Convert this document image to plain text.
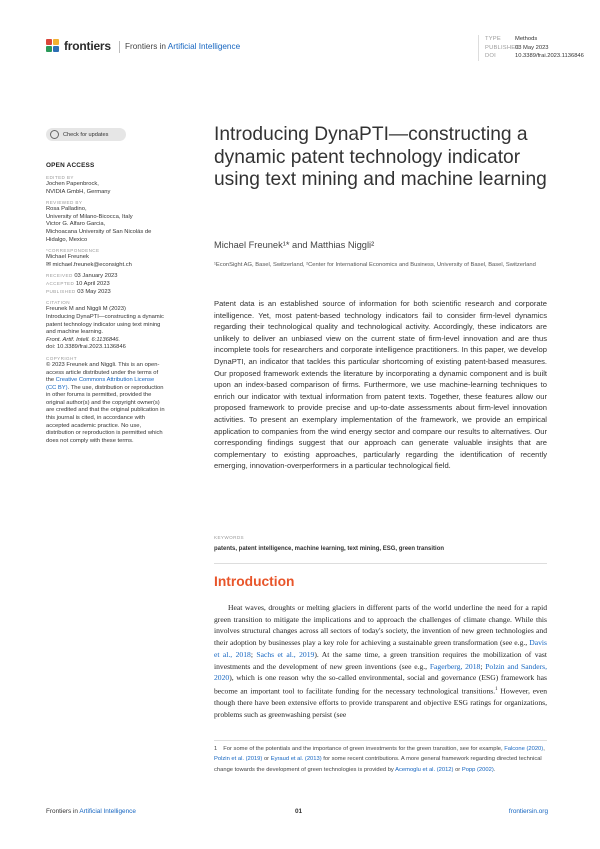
frontiers Frontiers in Artificial Intelligence
TYPE Methods
PUBLISHED03 May 2023
DOI	10.3389/frai.2023.1136846
Check for updates
OPEN ACCESS
EDITED BY
Jochen Papenbrock,
NVIDIA GmbH, Germany
REVIEWED BY
Rosa Palladino,
University of Milano-Bicocca, Italy
Victor G. Alfaro Garcia,
Michoacana University of San Nicolás de
Hidalgo, Mexico
*CORRESPONDENCE
Michael Freunek
✉ michael.freunek@econsight.ch
RECEIVED 03 January 2023
ACCEPTED 10 April 2023
PUBLISHED 03 May 2023
CITATION
Freunek M and Niggli M (2023)
Introducing DynaPTI—constructing a dynamic
patent technology indicator using text mining
and machine learning.
Front. Artif. Intell. 6:1136846.
doi: 10.3389/frai.2023.1136846
COPYRIGHT
© 2023 Freunek and Niggli. This is an open-access article distributed under the terms of the Creative Commons Attribution License (CC BY). The use, distribution or reproduction in other forums is permitted, provided the original author(s) and the copyright owner(s) are credited and that the original publication in this journal is cited, in accordance with accepted academic practice. No use, distribution or reproduction is permitted which does not comply with these terms.
Introducing DynaPTI—constructing a dynamic patent technology indicator using text mining and machine learning
Michael Freunek¹* and Matthias Niggli²
¹EconSight AG, Basel, Switzerland, ²Center for International Economics and Business, University of Basel, Basel, Switzerland

Patent data is an established source of information for both scientific research and corporate intelligence. Yet, most patent-based technology indicators fail to consider firm-level dynamics regarding their technological quality and technological activity. Accordingly, these indicators are unlikely to deliver an unbiased view on the current state of firm-level innovation and are thus incomplete tools for researchers and corporate intelligence practitioners. In this paper, we develop DynaPTI, an indicator that tackles this particular shortcoming of existing patent-based measures. Our proposed framework extends the literature by incorporating a dynamic component and is built upon an index-based comparison of firms. Furthermore, we use machine-learning techniques to enrich our indicator with textual information from patent texts. Together, these features allow our proposed framework to provide precise and up-to-date assessments about firm-level innovation activities. To present an exemplary implementation of the framework, we provide an empirical application to companies from the wind energy sector and compare our results to alternatives. Our corresponding findings suggest that our approach can generate valuable insights that are complementary to existing approaches, particularly regarding the identification of recently emerging, innovation-overperformers in a particular technological field.

KEYWORDS
patents, patent intelligence, machine learning, text mining, ESG, green transition
Introduction

Heat waves, droughts or melting glaciers in different parts of the world underline the need for a rapid green transition to mitigate the implications and to approach the challenges of climate change. While this involves structural changes across all sectors of today's society, the invention of new green technologies and their adoption by businesses play a key role for achieving a sustainable green transformation (see e.g., Davis et al., 2018; Sachs et al., 2019). At the same time, a green transition requires the mobilization of vast investments and the development of new green inventions (see e.g., Fagerberg, 2018; Polzin and Sanders, 2020), which is one reason why the so-called environmental, social and governance (ESG) framework has become an important tool to facilitate funding for the necessary technological transitions.$^1$ However, even though there have been extensive efforts to provide transparent and objective ESG ratings for organizations, problems such as greenwashing persist (see

1 For some of the potentials and the importance of green investments for the green transition, see for example, Falcone (2020), Polzin et al. (2019) or Eyraud et al. (2013) for some recent contributions. A more general framework regarding directed technical change towards the development of green technologies is provided by Acemoglu et al. (2012) or Popp (2002).
Frontiers in Artificial Intelligence	01	frontiersin.org
